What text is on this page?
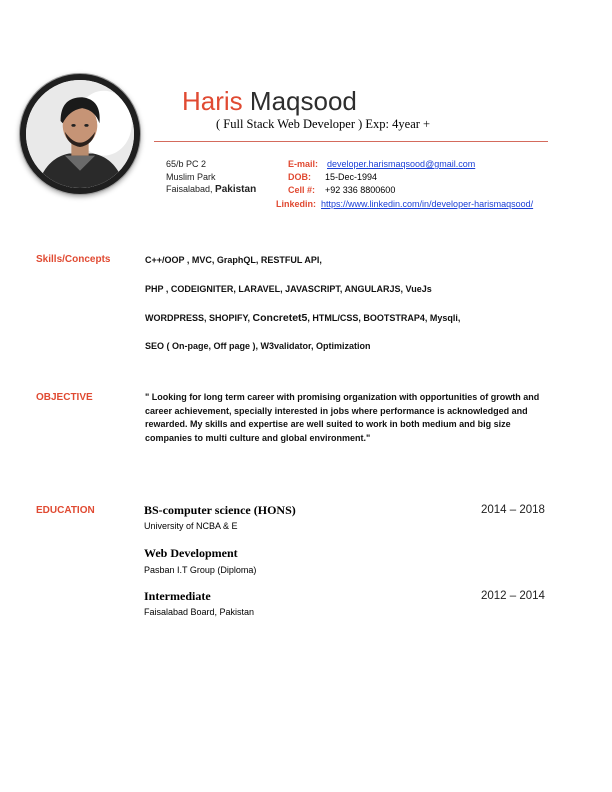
Haris Maqsood
( Full Stack Web Developer ) Exp: 4year +
65/b PC 2
Muslim Park
Faisalabad, Pakistan
E-mail: developer.harismaqsood@gmail.com
DOB: 15-Dec-1994
Cell #: +92 336 8800600
Linkedin: https://www.linkedin.com/in/developer-harismaqsood/
Skills/Concepts	C++/OOP , MVC, GraphQL, RESTFUL API,
PHP , CODEIGNITER, LARAVEL, JAVASCRIPT, ANGULARJS, VueJs
WORDPRESS, SHOPIFY, Concretet5, HTML/CSS, BOOTSTRAP4, Mysqli,
SEO ( On-page, Off page ), W3validator, Optimization
OBJECTIVE	" Looking for long term career with promising organization with opportunities of growth and career achievement, specially interested in jobs where performance is acknowledged and rewarded. My skills and expertise are well suited to work in both medium and big size companies to multi culture and global environment."
EDUCATION	BS-computer science (HONS)	2014 – 2018
University of NCBA & E
Web Development
Pasban I.T Group (Diploma)
Intermediate	2012 – 2014
Faisalabad Board, Pakistan
